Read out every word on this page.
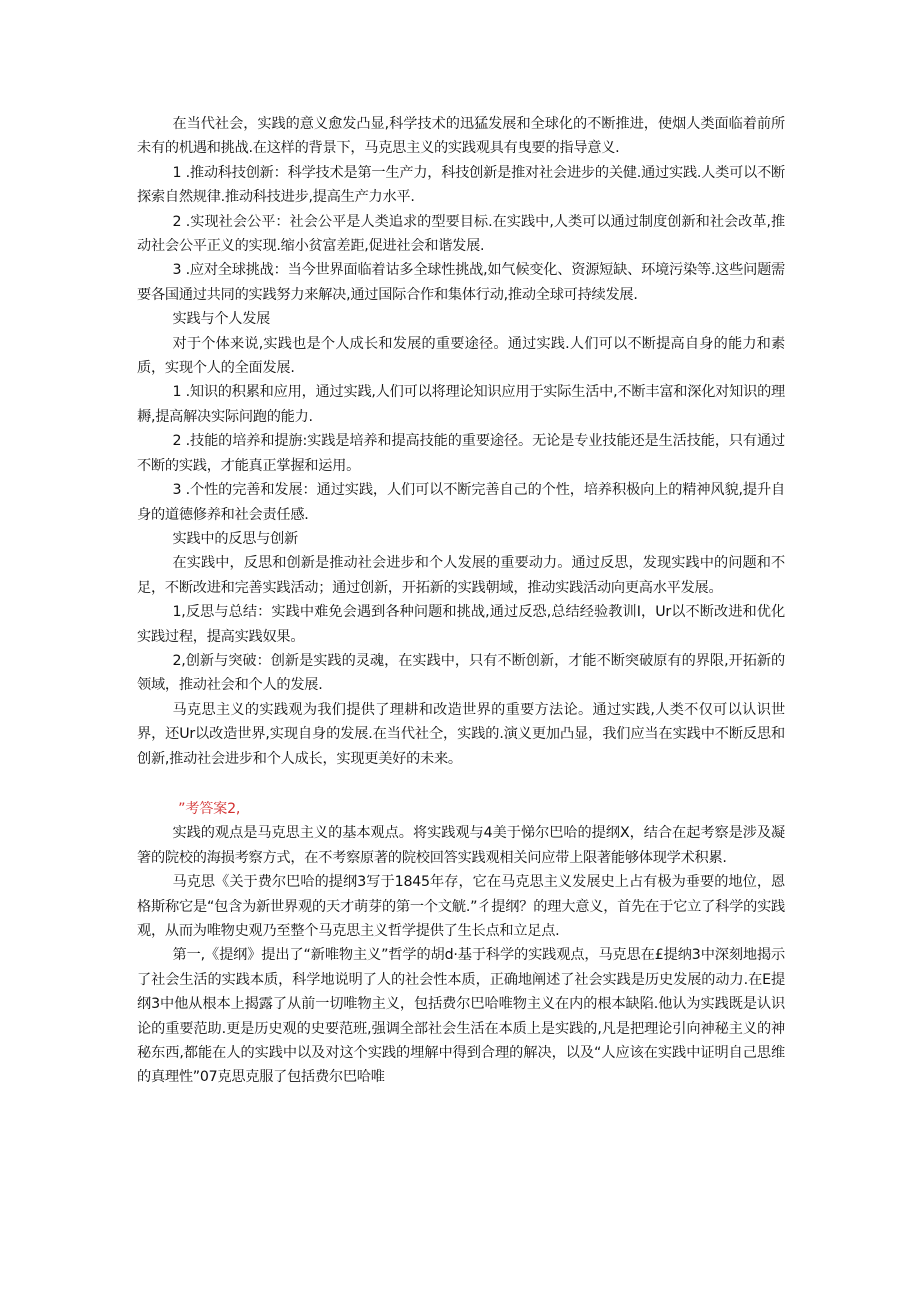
在当代社会，实践的意义愈发凸显,科学技术的迅猛发展和全球化的不断推进，使烟人类面临着前所未有的机遇和挑战.在这样的背景下，马克思主义的实践观具有曳要的指导意义.

1 .推动科技创新：科学技术是第一生产力，科技创新是推对社会进步的关健.通过实践.人类可以不断探索自然规律.推动科技进步,提高生产力水平.

2 .实现社会公平：社会公平是人类追求的型要目标.在实践中,人类可以通过制度创新和社会改革,推动社会公平正义的实现.缩小贫富差距,促进社会和谐发展.

3 .应对全球挑战：当今世界面临着诂多全球性挑战,如气候变化、资源短缺、环境污染等.这些问题需要各国通过共同的实践努力来解决,通过国际合作和集体行动,推动全球可持续发展.

实践与个人发展

对于个体来说,实践也是个人成长和发展的重要途径。通过实践.人们可以不断提高自身的能力和素质，实现个人的全面发展.

1 .知识的积累和应用，通过实践,人们可以将理论知识应用于实际生活中,不断丰富和深化对知识的理耨,提高解决实际问跑的能力.

2 .技能的培养和提旃:实践是培养和提高技能的重要途径。无论是专业技能还是生活技能，只有通过不断的实践，才能真正掌握和运用。

3 .个性的完善和发展：通过实践，人们可以不断完善自己的个性，培养积极向上的精神风貌,提升自身的道德修养和社会责任感.

实践中的反思与创新

在实践中，反思和创新是推动社会进步和个人发展的重要动力。通过反思，发现实践中的问题和不足，不断改进和完善实践活动；通过创新，开拓新的实践朝域，推动实践活动向更高水平发展。

1,反思与总结：实践中难免会遇到各种问题和挑战,通过反恐,总结经验教训I，Ur以不断改进和优化实践过程，提高实践奴果。

2,创新与突破：创新是实践的灵魂，在实践中，只有不断创新，才能不断突破原有的界限,开拓新的领域，推动社会和个人的发展.

马克思主义的实践观为我们提供了理耕和改造世界的重要方法论。通过实践,人类不仅可以认识世界，还Ur以改造世界,实现自身的发展.在当代社仝，实践的.演义更加凸显，我们应当在实践中不断反思和创新,推动社会进步和个人成长，实现更美好的未来。

”考答案2,

实践的观点是马克思主义的基本观点。将实践观与4美于悌尔巴哈的提纲X，结合在起考察是涉及凝箸的院校的海损考察方式，在不考察原著的院校回答实践观相关问应带上限著能够体现学术积累.

马克思《关于费尔巴哈的提纲3写于1845年存，它在马克思主义发展史上占有极为垂要的地位，恩格斯称它是“包含为新世界观的天才萌芽的第一个文觥.”彳提纲？的理大意义，首先在于它立了科学的实践观，从而为唯物史观乃至整个马克思主义哲学提供了生长点和立足点.

第一,《提纲》提出了“新唯物主义”哲学的胡d·基于科学的实践观点，马克思在£提纳3中深刻地揭示了社会生活的实践本质，科学地说明了人的社会性本质，正确地阐述了社会实践是历史发展的动力.在E提纲3中他从根本上揭露了从前一切唯物主义，包括费尔巴哈唯物主义在内的根本缺陷.他认为实践既是认识论的重要范助.更是历史观的史要范班,强调全部社会生活在本质上是实践的,凡是把理论引向神秘主义的神秘东西,都能在人的实践中以及对这个实践的埋解中得到合理的解决，以及“人应该在实践中证明自己思维的真理性”07克思克服了包括费尔巴哈唯
